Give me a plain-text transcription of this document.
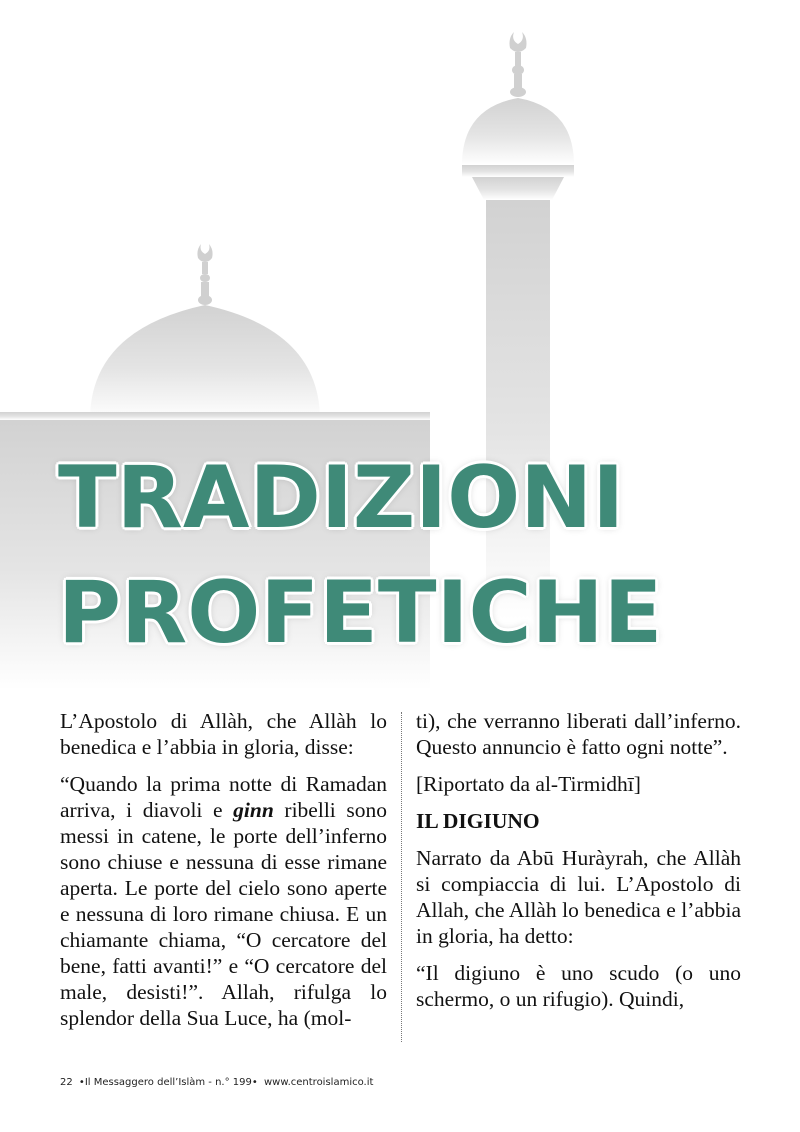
TRADIZIONI
PROFETICHE

L’Apostolo di Allàh, che Allàh lo benedica e l’abbia in gloria, disse:

“Quando la prima notte di Ramadan arriva, i diavoli e ginn ribelli sono messi in catene, le porte dell’inferno sono chiuse e nessuna di esse rimane aperta. Le porte del cielo sono aperte e nessuna di loro rimane chiusa. E un chiamante chiama, “O cercatore del bene, fatti avanti!” e “O cercatore del male, desisti!”. Allah, rifulga lo splendor della Sua Luce, ha (mol-

ti), che verranno liberati dall’inferno. Questo annuncio è fatto ogni notte”.

[Riportato da al-Tirmidhī]

IL DIGIUNO

Narrato da Abū Huràyrah, che Allàh si compiaccia di lui. L’Apostolo di Allah, che Allàh lo benedica e l’abbia in gloria, ha detto:

“Il digiuno è uno scudo (o uno schermo, o un rifugio). Quindi,

22 •Il Messaggero dell’Islàm - n.° 199• www.centroislamico.it
